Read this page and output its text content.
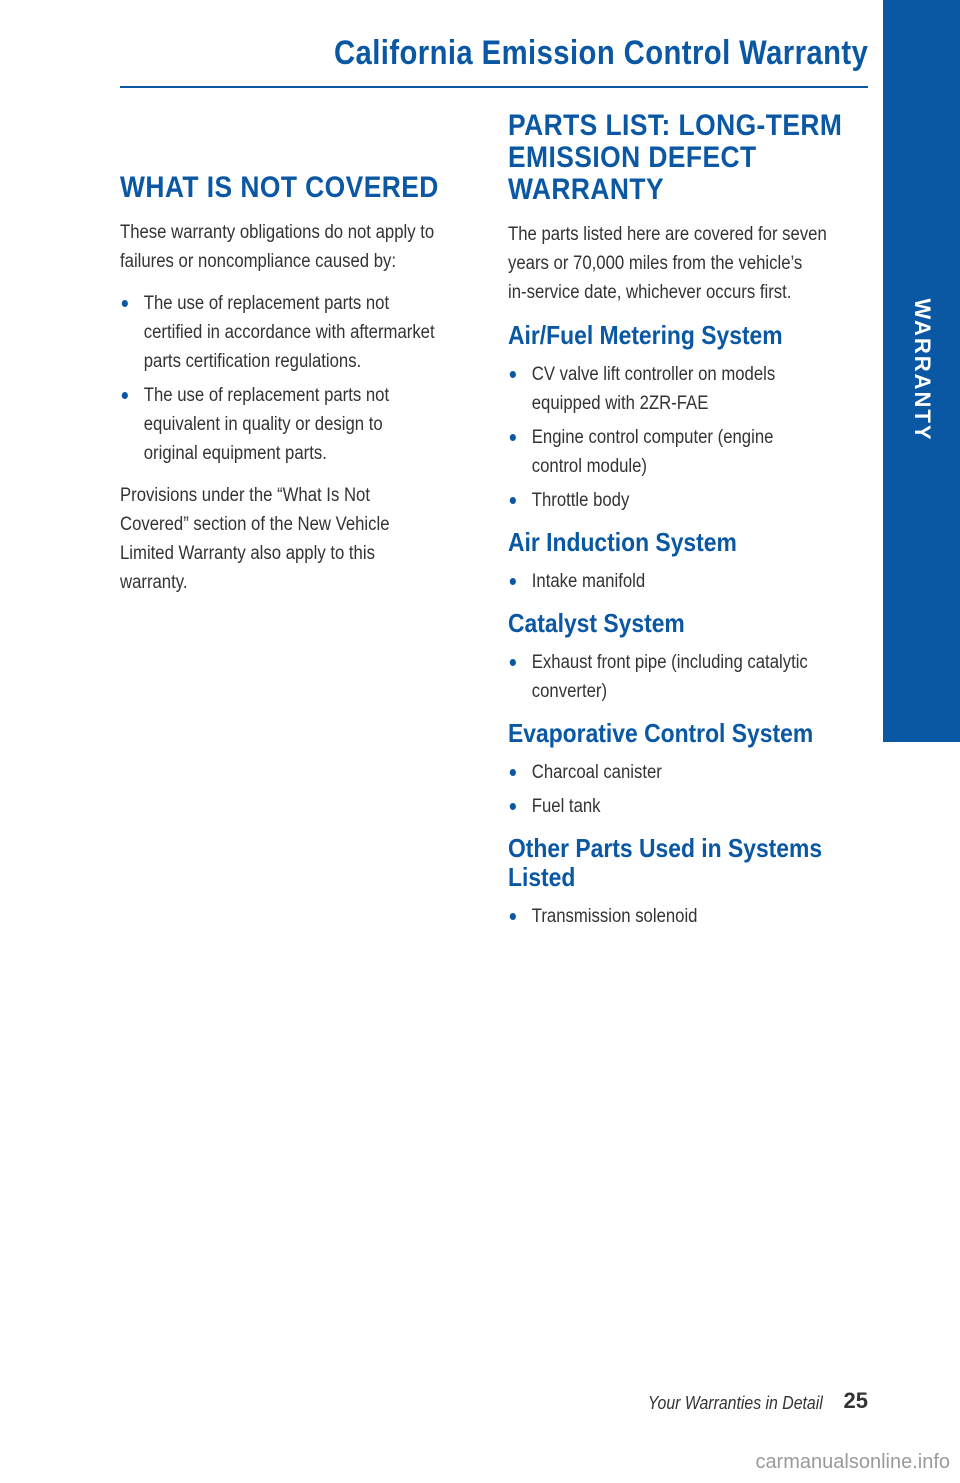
California Emission Control Warranty
WARRANTY
WHAT IS NOT COVERED

These warranty obligations do not apply to

failures or noncompliance caused by:

The use of replacement parts not
certified in accordance with aftermarket
parts certification regulations.
The use of replacement parts not
equivalent in quality or design to
original equipment parts.

Provisions under the “What Is Not

Covered” section of the New Vehicle

Limited Warranty also apply to this

warranty.

PARTS LIST: LONG-TERM
EMISSION DEFECT
WARRANTY

The parts listed here are covered for seven

years or 70,000 miles from the vehicle’s

in-service date, whichever occurs first.

Air/Fuel Metering System
CV valve lift controller on models
equipped with 2ZR-FAE
Engine control computer (engine
control module)
Throttle body
Air Induction System
Intake manifold
Catalyst System
Exhaust front pipe (including catalytic
converter)
Evaporative Control System
Charcoal canister
Fuel tank
Other Parts Used in Systems
Listed
Transmission solenoid
Your Warranties in Detail 25
carmanualsonline.info
